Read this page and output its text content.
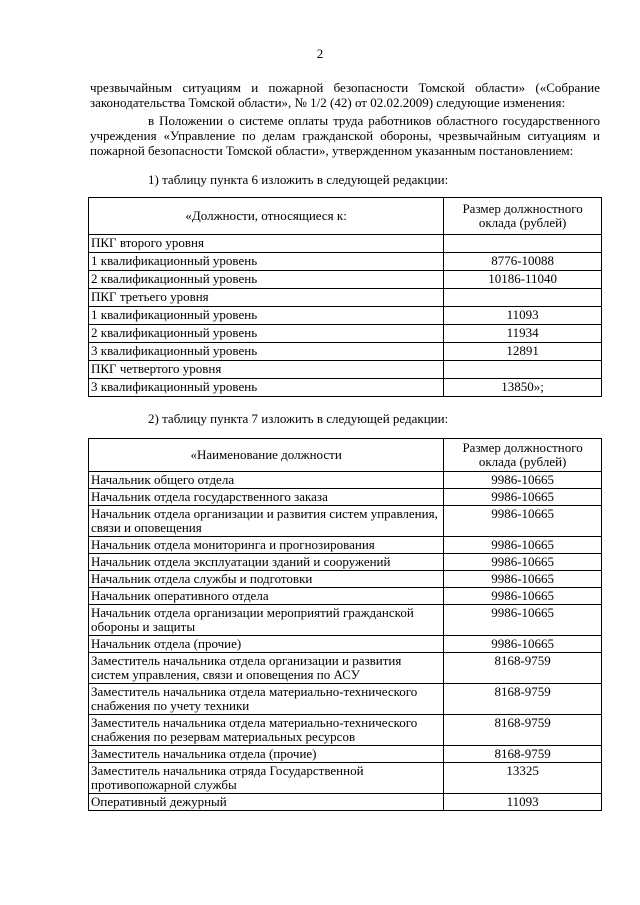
2
чрезвычайным ситуациям и пожарной безопасности Томской области» («Собрание законодательства Томской области», № 1/2 (42) от 02.02.2009) следующие изменения:
в Положении о системе оплаты труда работников областного государственного учреждения «Управление по делам гражданской обороны, чрезвычайным ситуациям и пожарной безопасности Томской области», утвержденном указанным постановлением:
1) таблицу пункта 6 изложить в следующей редакции:
«Должности, относящиеся к:	Размер должностного оклада (рублей)
ПКГ второго уровня	
1 квалификационный уровень	8776-10088
2 квалификационный уровень	10186-11040
ПКГ третьего уровня	
1 квалификационный уровень	11093
2 квалификационный уровень	11934
3 квалификационный уровень	12891
ПКГ четвертого уровня	
3 квалификационный уровень	13850»;
2) таблицу пункта 7 изложить в следующей редакции:
«Наименование должности	Размер должностного оклада (рублей)
Начальник общего отдела	9986-10665
Начальник отдела государственного заказа	9986-10665
Начальник отдела организации и развития систем управления, связи и оповещения	9986-10665
Начальник отдела мониторинга и прогнозирования	9986-10665
Начальник отдела эксплуатации зданий и сооружений	9986-10665
Начальник отдела службы и подготовки	9986-10665
Начальник оперативного отдела	9986-10665
Начальник отдела организации мероприятий гражданской обороны и защиты	9986-10665
Начальник отдела (прочие)	9986-10665
Заместитель начальника отдела организации и развития систем управления, связи и оповещения по АСУ	8168-9759
Заместитель начальника отдела материально-технического снабжения по учету техники	8168-9759
Заместитель начальника отдела материально-технического снабжения по резервам материальных ресурсов	8168-9759
Заместитель начальника отдела (прочие)	8168-9759
Заместитель начальника отряда Государственной противопожарной службы	13325
Оперативный дежурный	11093
